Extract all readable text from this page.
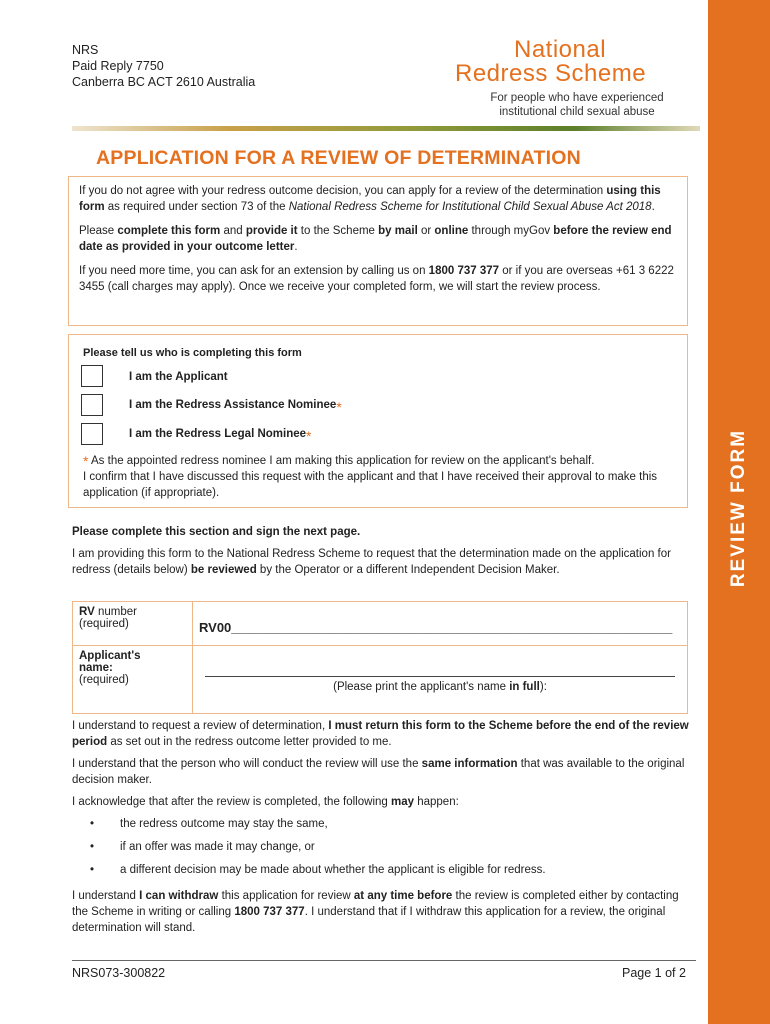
REVIEW FORM
NRS
Paid Reply 7750
Canberra BC ACT 2610 Australia
National
Redress Scheme
For people who have experienced
institutional child sexual abuse
APPLICATION FOR A REVIEW OF DETERMINATION

If you do not agree with your redress outcome decision, you can apply for a review of the determination using this form as required under section 73 of the National Redress Scheme for Institutional Child Sexual Abuse Act 2018.

Please complete this form and provide it to the Scheme by mail or online through myGov before the review end date as provided in your outcome letter.

If you need more time, you can ask for an extension by calling us on 1800 737 377 or if you are overseas +61 3 6222 3455 (call charges may apply). Once we receive your completed form, we will start the review process.

Please tell us who is completing this form
I am the Applicant
I am the Redress Assistance Nominee*
I am the Redress Legal Nominee*
* As the appointed redress nominee I am making this application for review on the applicant's behalf.
I confirm that I have discussed this request with the applicant and that I have received their approval to make this application (if appropriate).

Please complete this section and sign the next page.

I am providing this form to the National Redress Scheme to request that the determination made on the application for redress (details below) be reviewed by the Operator or a different Independent Decision Maker.

RV number
(required)	RV00_____________________________________________________________

Applicant's name:
(required)	(Please print the applicant's name in full):

I understand to request a review of determination, I must return this form to the Scheme before the end of the review period as set out in the redress outcome letter provided to me.

I understand that the person who will conduct the review will use the same information that was available to the original decision maker.

I acknowledge that after the review is completed, the following may happen:

• the redress outcome may stay the same,
• if an offer was made it may change, or
• a different decision may be made about whether the applicant is eligible for redress.

I understand I can withdraw this application for review at any time before the review is completed either by contacting the Scheme in writing or calling 1800 737 377. I understand that if I withdraw this application for a review, the original determination will stand.

NRS073-300822	Page 1 of 2
